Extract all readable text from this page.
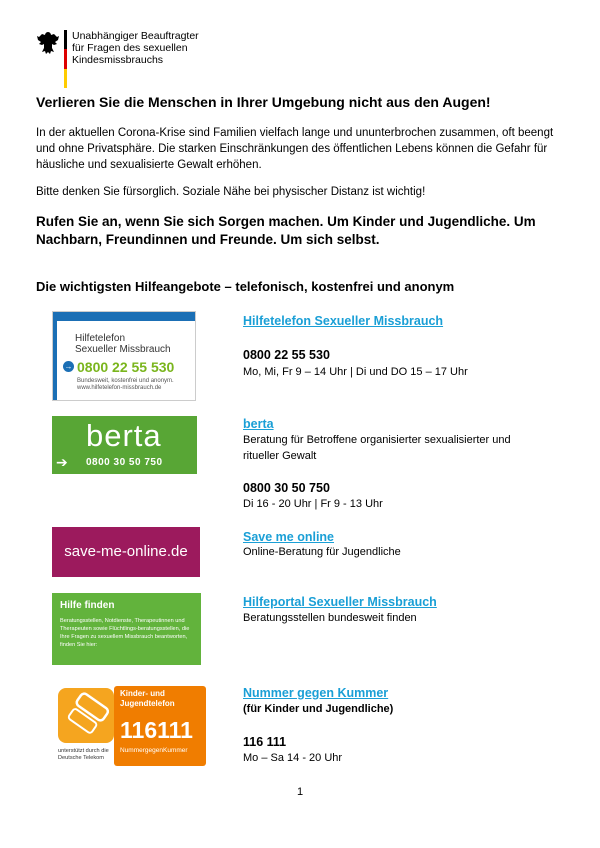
Unabhängiger Beauftragter
für Fragen des sexuellen
Kindesmissbrauchs
Verlieren Sie die Menschen in Ihrer Umgebung nicht aus den Augen!
In der aktuellen Corona-Krise sind Familien vielfach lange und ununterbrochen zusammen, oft beengt und ohne Privatsphäre. Die starken Einschränkungen des öffentlichen Lebens können die Gefahr für häusliche und sexualisierte Gewalt erhöhen.
Bitte denken Sie fürsorglich. Soziale Nähe bei physischer Distanz ist wichtig!
Rufen Sie an, wenn Sie sich Sorgen machen. Um Kinder und Jugendliche. Um Nachbarn, Freundinnen und Freunde. Um sich selbst.
Die wichtigsten Hilfeangebote – telefonisch, kostenfrei und anonym
Hilfetelefon
Sexueller Missbrauch
→ 0800 22 55 530
Bundesweit, kostenfrei und anonym.
www.hilfetelefon-missbrauch.de
Hilfetelefon Sexueller Missbrauch
0800 22 55 530
Mo, Mi, Fr 9 – 14 Uhr | Di und DO 15 – 17 Uhr
berta
➔ 0800 30 50 750
berta
Beratung für Betroffene organisierter sexualisierter und ritueller Gewalt
0800 30 50 750
Di 16 - 20 Uhr | Fr 9 - 13 Uhr
save-me-online.de
Save me online
Online-Beratung für Jugendliche
Hilfe finden
Beratungsstellen, Notdienste, Therapeutinnen und Therapeuten sowie Flüchtlings-beratungsstellen, die Ihre Fragen zu sexuellem Missbrauch beantworten, finden Sie hier:
Hilfeportal Sexueller Missbrauch
Beratungsstellen bundesweit finden
Kinder- und
Jugendtelefon
116111
NummergegenKummer
unterstützt durch die
Deutsche Telekom
Nummer gegen Kummer
(für Kinder und Jugendliche)
116 111
Mo – Sa 14 - 20 Uhr
1
